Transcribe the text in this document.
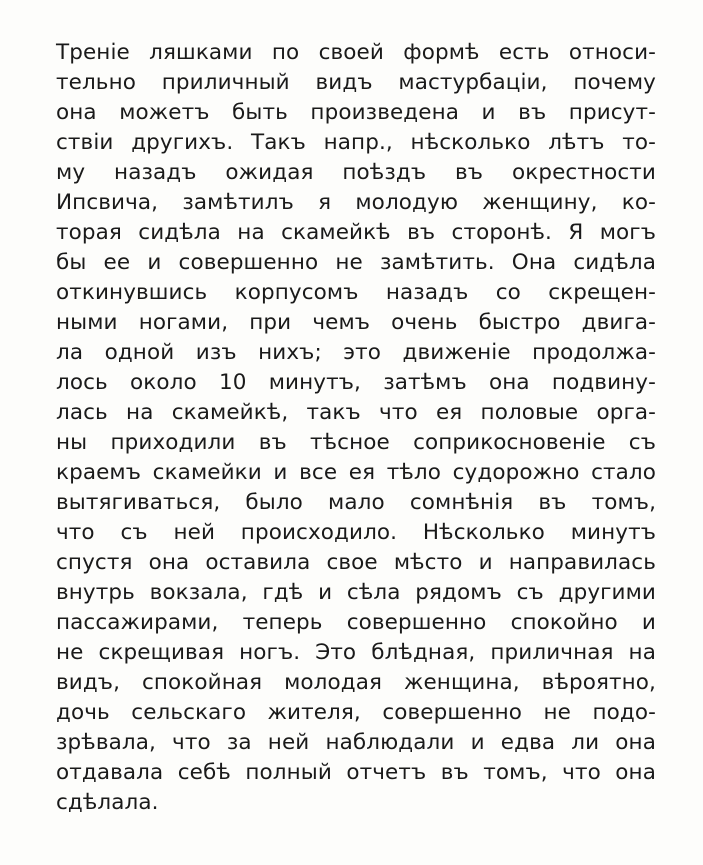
Треніе ляшками по своей формѣ есть относи-
тельно приличный видъ мастурбаціи, почему
она можетъ быть произведена и въ присут-
ствіи другихъ. Такъ напр., нѣсколько лѣтъ то-
му назадъ ожидая поѣздъ въ окрестности
Ипсвича, замѣтилъ я молодую женщину, ко-
торая сидѣла на скамейкѣ въ сторонѣ. Я могъ
бы ее и совершенно не замѣтить. Она сидѣла
откинувшись корпусомъ назадъ со скрещен-
ными ногами, при чемъ очень быстро двига-
ла одной изъ нихъ; это движеніе продолжа-
лось около 10 минутъ, затѣмъ она подвину-
лась на скамейкѣ, такъ что ея половые орга-
ны приходили въ тѣсное соприкосновеніе съ
краемъ скамейки и все ея тѣло судорожно стало
вытягиваться, было мало сомнѣнія въ томъ,
что съ ней происходило. Нѣсколько минутъ
спустя она оставила свое мѣсто и направилась
внутрь вокзала, гдѣ и сѣла рядомъ съ другими
пассажирами, теперь совершенно спокойно и
не скрещивая ногъ. Это блѣдная, приличная на
видъ, спокойная молодая женщина, вѣроятно,
дочь сельскаго жителя, совершенно не подо-
зрѣвала, что за ней наблюдали и едва ли она
отдавала себѣ полный отчетъ въ томъ, что она
сдѣлала.
